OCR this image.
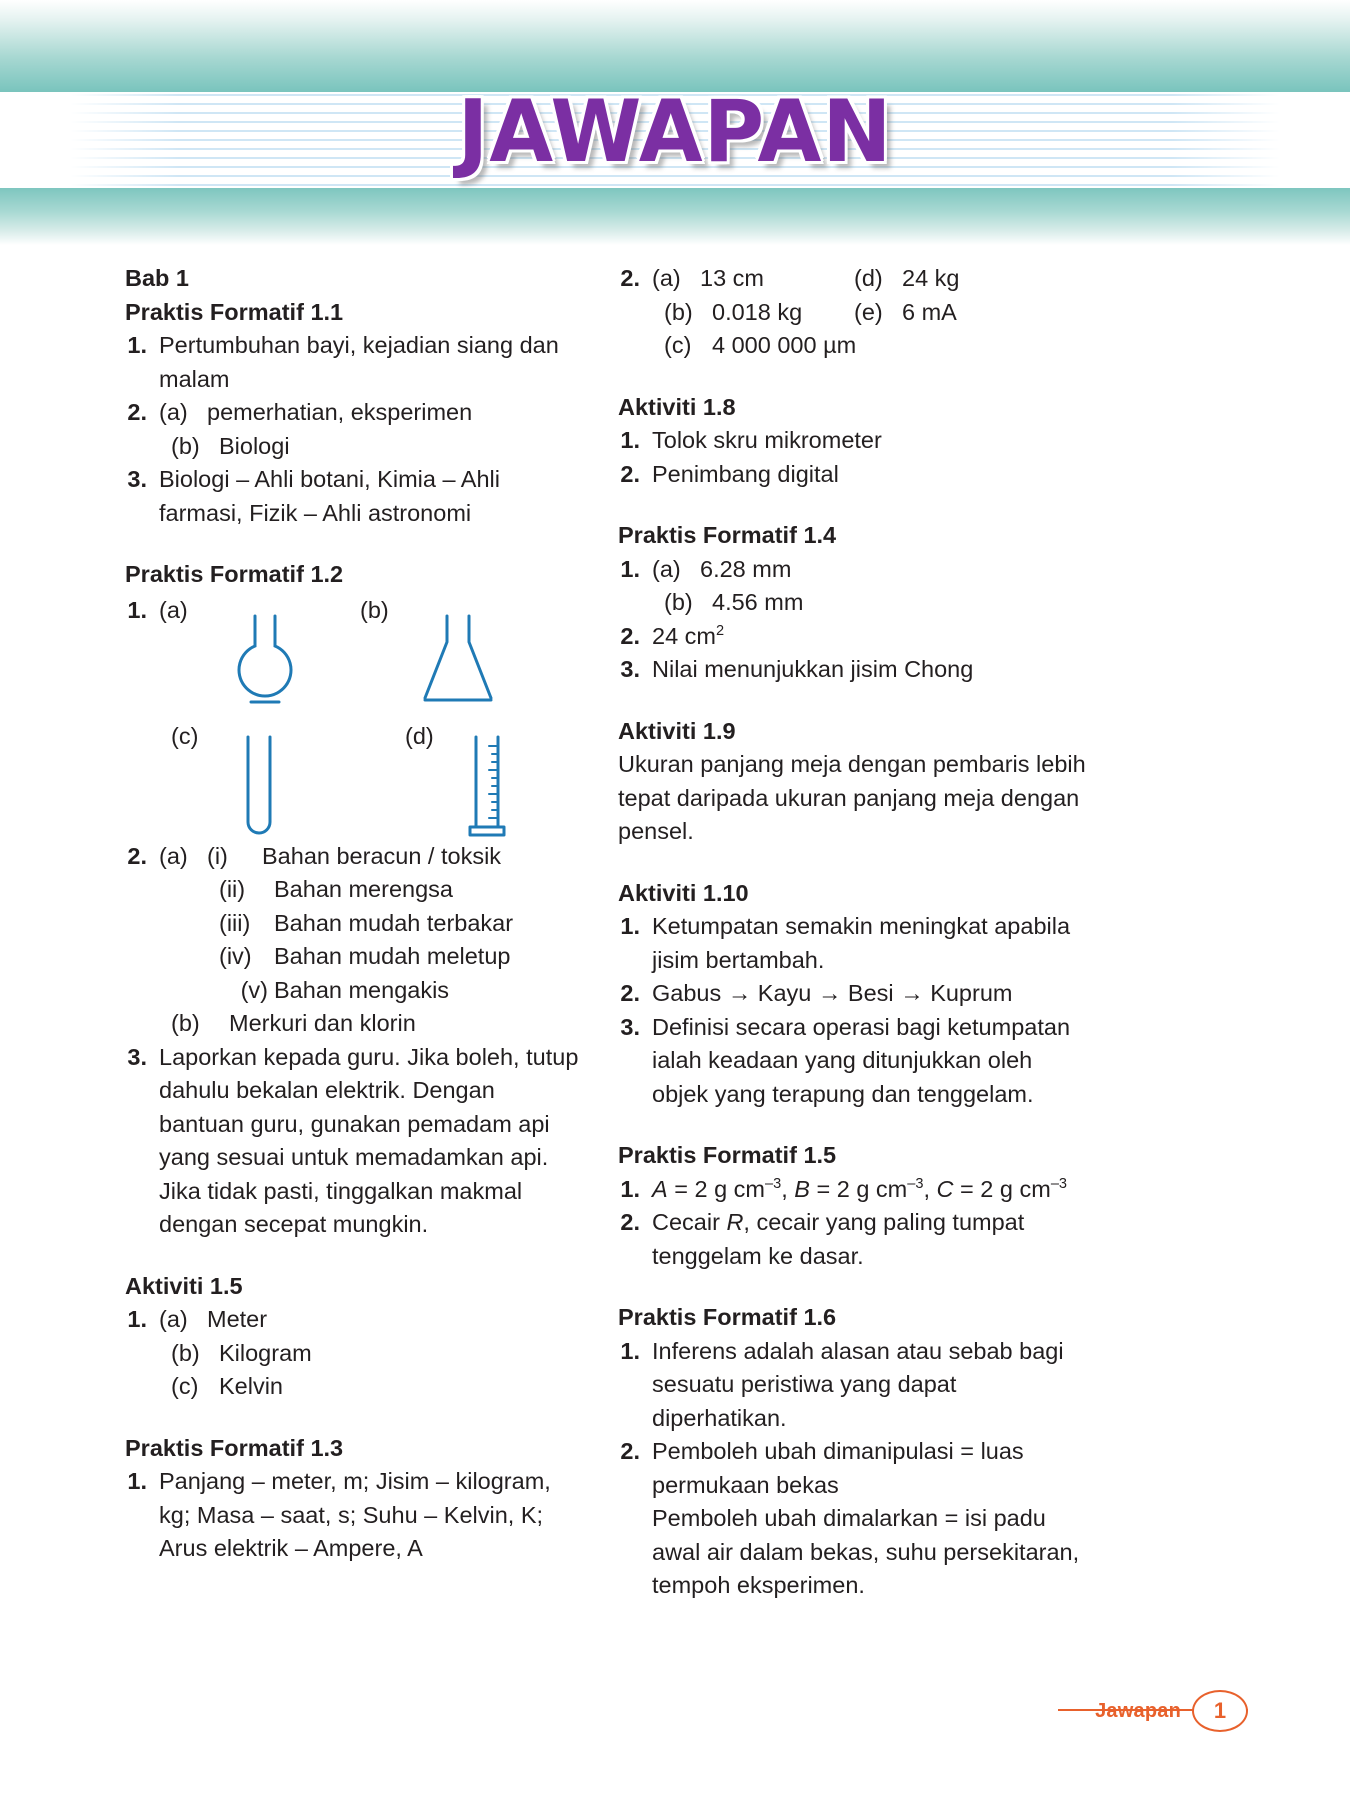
JAWAPAN
Bab 1
Praktis Formatif 1.1
1. Pertumbuhan bayi, kejadian siang dan malam
2. (a) pemerhatian, eksperimen
(b) Biologi
3. Biologi – Ahli botani, Kimia – Ahli farmasi, Fizik – Ahli astronomi
Praktis Formatif 1.2
1. (a)	(b)
(c)	(d)
2. (a) (i)	Bahan beracun / toksik
(ii)	Bahan merengsa
(iii)	Bahan mudah terbakar
(iv) Bahan mudah meletup
(v) Bahan mengakis
(b)	Merkuri dan klorin
3. Laporkan kepada guru. Jika boleh, tutup dahulu bekalan elektrik. Dengan bantuan guru, gunakan pemadam api yang sesuai untuk memadamkan api. Jika tidak pasti, tinggalkan makmal dengan secepat mungkin.
Aktiviti 1.5
1. (a) Meter
(b) Kilogram
(c) Kelvin
Praktis Formatif 1.3
1. Panjang – meter, m; Jisim – kilogram, kg; Masa – saat, s; Suhu – Kelvin, K; Arus elektrik – Ampere, A
2. (a) 13 cm
(b) 0.018 kg
(c) 4 000 000 µm
(d) 24 kg
(e) 6 mA
Aktiviti 1.8
1. Tolok skru mikrometer
2. Penimbang digital
Praktis Formatif 1.4
1. (a) 6.28 mm
(b) 4.56 mm
2. 24 $cm^2$
3. Nilai menunjukkan jisim Chong
Aktiviti 1.9

Ukuran panjang meja dengan pembaris lebih tepat daripada ukuran panjang meja dengan pensel.

Aktiviti 1.10
1. Ketumpatan semakin meningkat apabila jisim bertambah.
2. Gabus → Kayu → Besi → Kuprum
3. Definisi secara operasi bagi ketumpatan ialah keadaan yang ditunjukkan oleh objek yang terapung dan tenggelam.
Praktis Formatif 1.5
1. A = 2 g $cm^{-3}$, B = 2 g $cm^{-3}$, C = 2 g $cm^{-3}$
2. Cecair R, cecair yang paling tumpat tenggelam ke dasar.
Praktis Formatif 1.6
1. Inferens adalah alasan atau sebab bagi sesuatu peristiwa yang dapat diperhatikan.
2. Pemboleh ubah dimanipulasi = luas permukaan bekas
Pemboleh ubah dimalarkan = isi padu awal air dalam bekas, suhu persekitaran, tempoh eksperimen.
Jawapan	1
